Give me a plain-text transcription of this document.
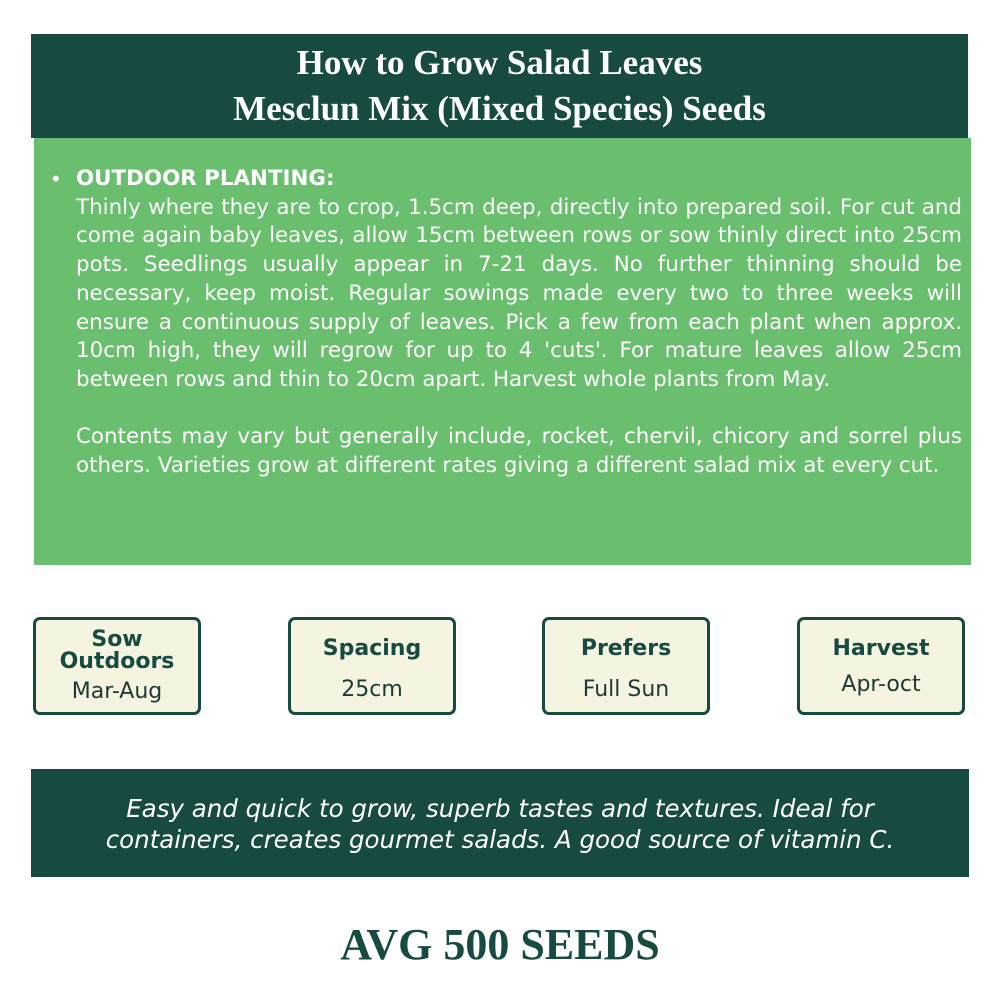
How to Grow Salad Leaves
Mesclun Mix (Mixed Species) Seeds
• OUTDOOR PLANTING:
Thinly where they are to crop, 1.5cm deep, directly into prepared soil. For cut and come again baby leaves, allow 15cm between rows or sow thinly direct into 25cm pots. Seedlings usually appear in 7-21 days. No further thinning should be necessary, keep moist. Regular sowings made every two to three weeks will ensure a continuous supply of leaves. Pick a few from each plant when approx. 10cm high, they will regrow for up to 4 'cuts'. For mature leaves allow 25cm between rows and thin to 20cm apart. Harvest whole plants from May.
Contents may vary but generally include, rocket, chervil, chicory and sorrel plus others. Varieties grow at different rates giving a different salad mix at every cut.
Sow
Outdoors
Mar-Aug
Spacing
25cm
Prefers
Full Sun
Harvest
Apr-oct
Easy and quick to grow, superb tastes and textures. Ideal for
containers, creates gourmet salads. A good source of vitamin C.
AVG 500 SEEDS
